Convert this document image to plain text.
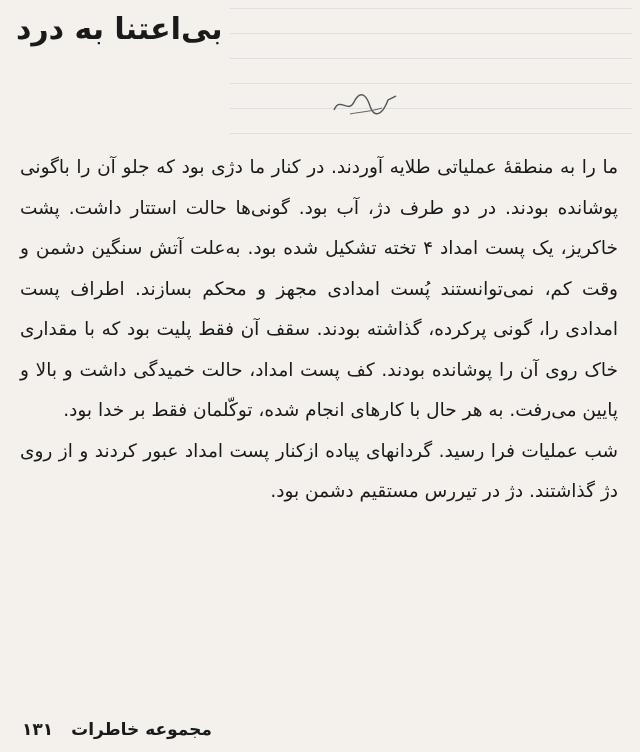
بی‌اعتنا به درد

ما را به منطقهٔ عملیاتی طلایه آوردند. در کنار ما دژی بود که جلو آن را باگونی پوشانده بودند. در دو طرف دژ، آب بود. گونی‌ها حالت استتار داشت. پشت خاکریز، یک پست امداد ۴ تخته تشکیل شده بود. به‌علت آتش سنگین دشمن و وقت کم، نمی‌توانستند پُست امدادی مجهز و محکم بسازند. اطراف پست امدادی را، گونی پرکرده، گذاشته بودند. سقف آن فقط پلیت بود که با مقداری خاک روی آن را پوشانده بودند. کف پست امداد، حالت خمیدگی داشت و بالا و پایین می‌رفت. به هر حال با کارهای انجام شده، توکّلمان فقط بر خدا بود.

شب عملیات فرا رسید. گردانهای پیاده ازکنار پست امداد عبور کردند و از روی دژ گذاشتند. دژ در تیررس مستقیم دشمن بود.

مجموعه خاطرات
۱۳۱
